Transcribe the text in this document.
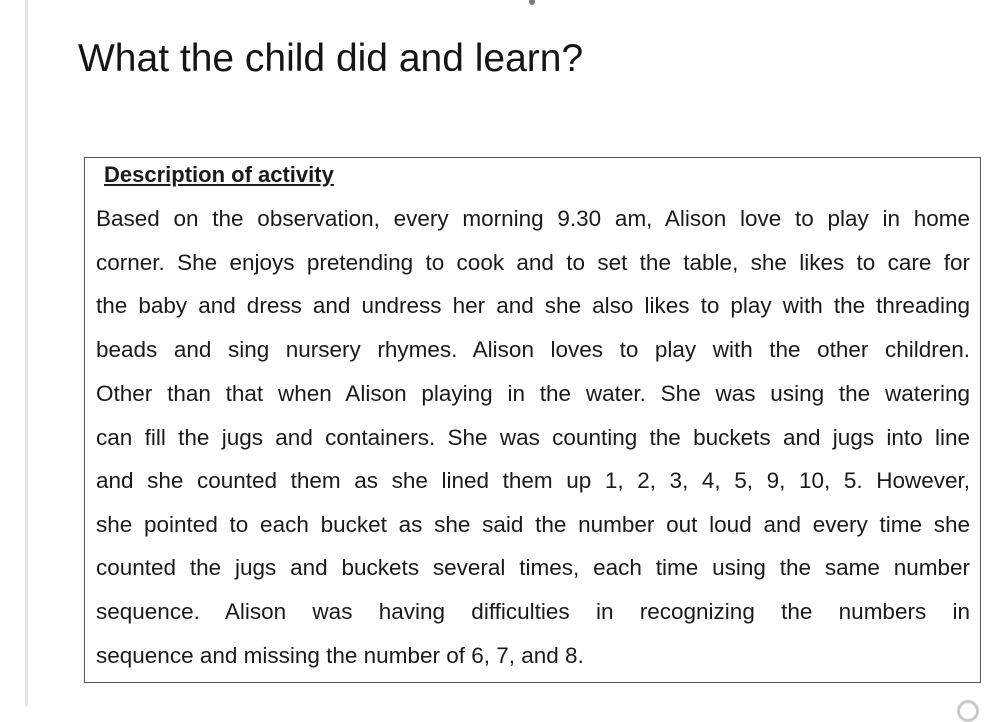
What the child did and learn?
Description of activity
Based on the observation, every morning 9.30 am, Alison love to play in home
corner. She enjoys pretending to cook and to set the table, she likes to care for
the baby and dress and undress her and she also likes to play with the threading
beads and sing nursery rhymes. Alison loves to play with the other children.
Other than that when Alison playing in the water. She was using the watering
can fill the jugs and containers. She was counting the buckets and jugs into line
and she counted them as she lined them up 1, 2, 3, 4, 5, 9, 10, 5. However,
she pointed to each bucket as she said the number out loud and every time she
counted the jugs and buckets several times, each time using the same number
sequence. Alison was having difficulties in recognizing the numbers in
sequence and missing the number of 6, 7, and 8.
